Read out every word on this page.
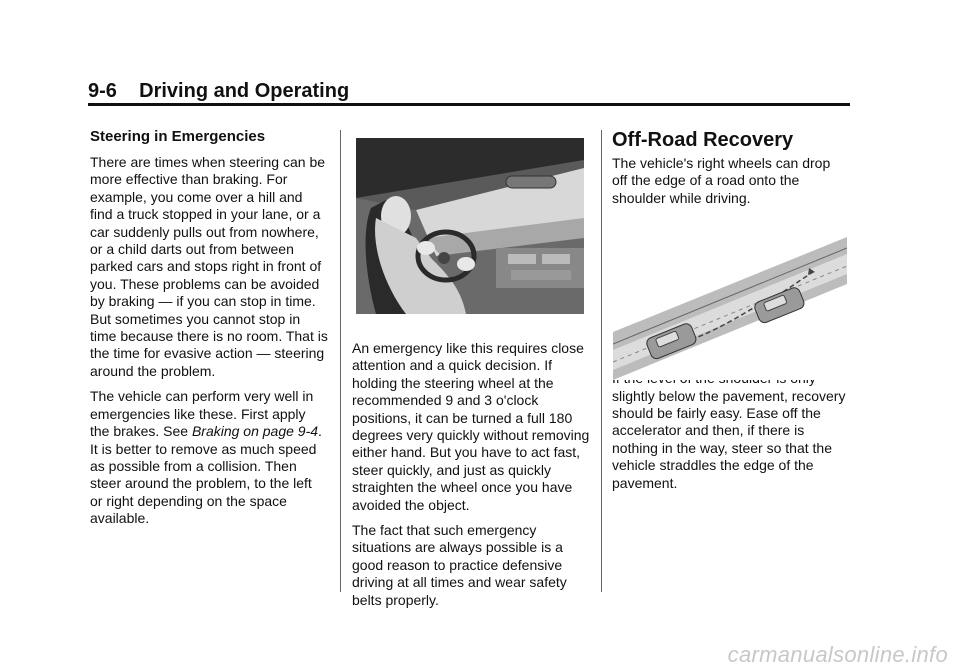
9-6 Driving and Operating
Steering in Emergencies

There are times when steering can be more effective than braking. For example, you come over a hill and find a truck stopped in your lane, or a car suddenly pulls out from nowhere, or a child darts out from between parked cars and stops right in front of you. These problems can be avoided by braking — if you can stop in time. But sometimes you cannot stop in time because there is no room. That is the time for evasive action — steering around the problem.

The vehicle can perform very well in emergencies like these. First apply the brakes. See Braking on page 9-4. It is better to remove as much speed as possible from a collision. Then steer around the problem, to the left or right depending on the space available.

An emergency like this requires close attention and a quick decision. If holding the steering wheel at the recommended 9 and 3 o'clock positions, it can be turned a full 180 degrees very quickly without removing either hand. But you have to act fast, steer quickly, and just as quickly straighten the wheel once you have avoided the object.

The fact that such emergency situations are always possible is a good reason to practice defensive driving at all times and wear safety belts properly.

Off-Road Recovery

The vehicle's right wheels can drop off the edge of a road onto the shoulder while driving.

slightly below the pavement, recovery should be fairly easy. Ease off the accelerator and then, if there is nothing in the way, steer so that the vehicle straddles the edge of the pavement.

carmanualsonline.info
